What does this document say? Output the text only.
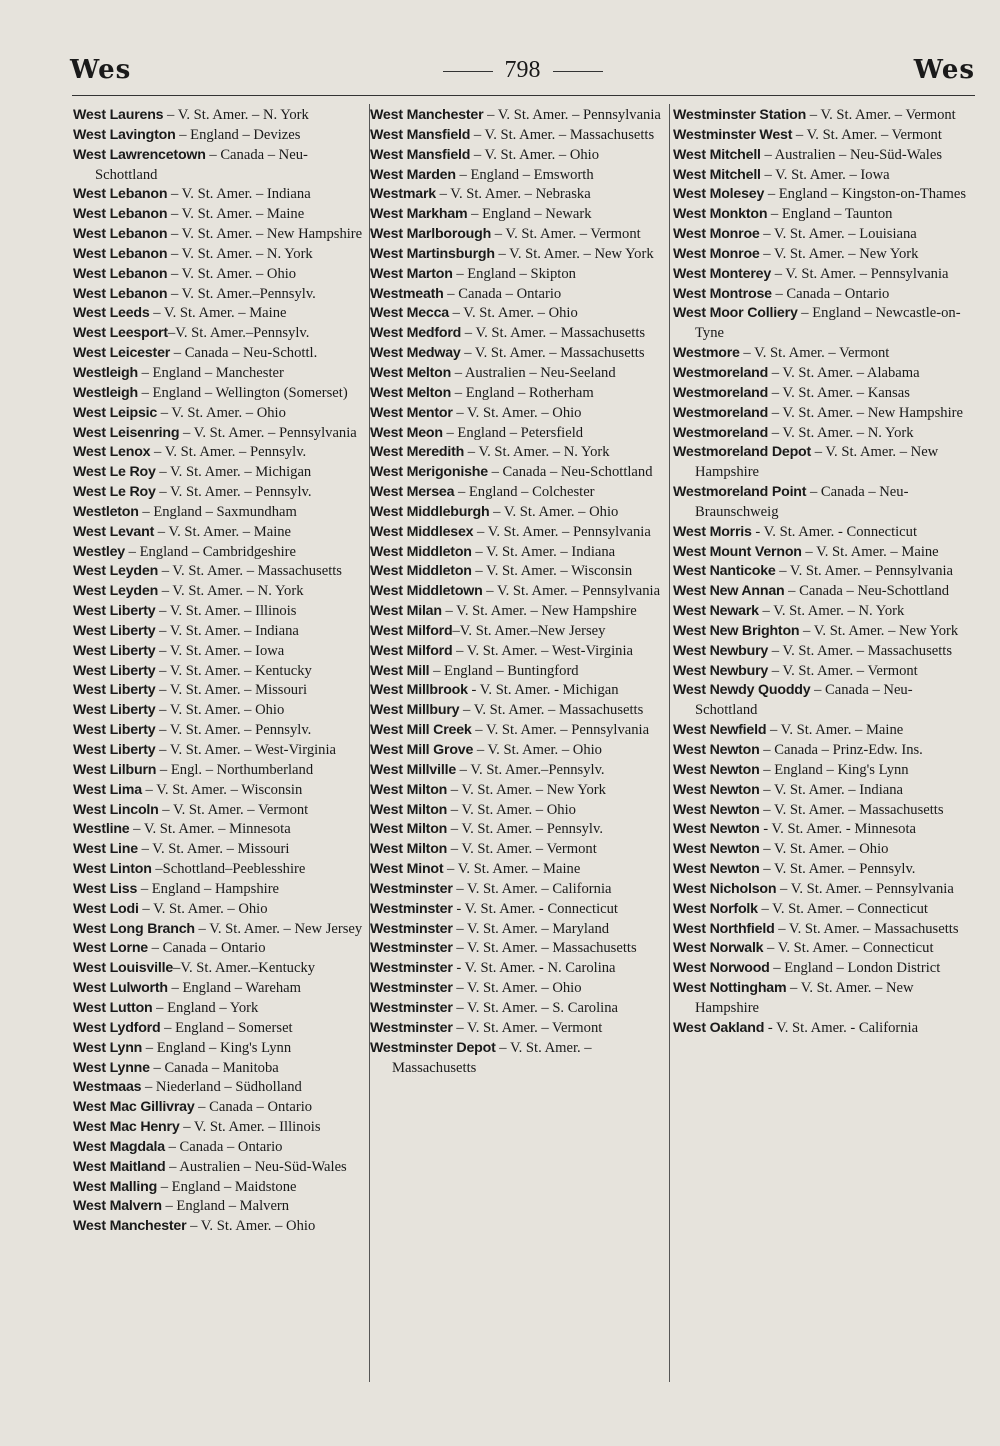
Wes	798	Wes

West Laurens – V. St. Amer. – N. York

West Lavington – England – Devizes

West Lawrencetown – Canada – Neu-Schottland

West Lebanon – V. St. Amer. – Indiana

West Lebanon – V. St. Amer. – Maine

West Lebanon – V. St. Amer. – New Hampshire

West Lebanon – V. St. Amer. – N. York

West Lebanon – V. St. Amer. – Ohio

West Lebanon – V. St. Amer.–Pennsylv.

West Leeds – V. St. Amer. – Maine

West Leesport–V. St. Amer.–Pennsylv.

West Leicester – Canada – Neu-Schottl.

Westleigh – England – Manchester

Westleigh – England – Wellington (Somerset)

West Leipsic – V. St. Amer. – Ohio

West Leisenring – V. St. Amer. – Pennsylvania

West Lenox – V. St. Amer. – Pennsylv.

West Le Roy – V. St. Amer. – Michigan

West Le Roy – V. St. Amer. – Pennsylv.

Westleton – England – Saxmundham

West Levant – V. St. Amer. – Maine

Westley – England – Cambridgeshire

West Leyden – V. St. Amer. – Massachusetts

West Leyden – V. St. Amer. – N. York

West Liberty – V. St. Amer. – Illinois

West Liberty – V. St. Amer. – Indiana

West Liberty – V. St. Amer. – Iowa

West Liberty – V. St. Amer. – Kentucky

West Liberty – V. St. Amer. – Missouri

West Liberty – V. St. Amer. – Ohio

West Liberty – V. St. Amer. – Pennsylv.

West Liberty – V. St. Amer. – West-Virginia

West Lilburn – Engl. – Northumberland

West Lima – V. St. Amer. – Wisconsin

West Lincoln – V. St. Amer. – Vermont

Westline – V. St. Amer. – Minnesota

West Line – V. St. Amer. – Missouri

West Linton –Schottland–Peeblesshire

West Liss – England – Hampshire

West Lodi – V. St. Amer. – Ohio

West Long Branch – V. St. Amer. – New Jersey

West Lorne – Canada – Ontario

West Louisville–V. St. Amer.–Kentucky

West Lulworth – England – Wareham

West Lutton – England – York

West Lydford – England – Somerset

West Lynn – England – King's Lynn

West Lynne – Canada – Manitoba

Westmaas – Niederland – Südholland

West Mac Gillivray – Canada – Ontario

West Mac Henry – V. St. Amer. – Illinois

West Magdala – Canada – Ontario

West Maitland – Australien – Neu-Süd-Wales

West Malling – England – Maidstone

West Malvern – England – Malvern

West Manchester – V. St. Amer. – Ohio

West Manchester – V. St. Amer. – Pennsylvania

West Mansfield – V. St. Amer. – Massachusetts

West Mansfield – V. St. Amer. – Ohio

West Marden – England – Emsworth

Westmark – V. St. Amer. – Nebraska

West Markham – England – Newark

West Marlborough – V. St. Amer. – Vermont

West Martinsburgh – V. St. Amer. – New York

West Marton – England – Skipton

Westmeath – Canada – Ontario

West Mecca – V. St. Amer. – Ohio

West Medford – V. St. Amer. – Massachusetts

West Medway – V. St. Amer. – Massachusetts

West Melton – Australien – Neu-Seeland

West Melton – England – Rotherham

West Mentor – V. St. Amer. – Ohio

West Meon – England – Petersfield

West Meredith – V. St. Amer. – N. York

West Merigonishe – Canada – Neu-Schottland

West Mersea – England – Colchester

West Middleburgh – V. St. Amer. – Ohio

West Middlesex – V. St. Amer. – Pennsylvania

West Middleton – V. St. Amer. – Indiana

West Middleton – V. St. Amer. – Wisconsin

West Middletown – V. St. Amer. – Pennsylvania

West Milan – V. St. Amer. – New Hampshire

West Milford–V. St. Amer.–New Jersey

West Milford – V. St. Amer. – West-Virginia

West Mill – England – Buntingford

West Millbrook - V. St. Amer. - Michigan

West Millbury – V. St. Amer. – Massachusetts

West Mill Creek – V. St. Amer. – Pennsylvania

West Mill Grove – V. St. Amer. – Ohio

West Millville – V. St. Amer.–Pennsylv.

West Milton – V. St. Amer. – New York

West Milton – V. St. Amer. – Ohio

West Milton – V. St. Amer. – Pennsylv.

West Milton – V. St. Amer. – Vermont

West Minot – V. St. Amer. – Maine

Westminster – V. St. Amer. – California

Westminster - V. St. Amer. - Connecticut

Westminster – V. St. Amer. – Maryland

Westminster – V. St. Amer. – Massachusetts

Westminster - V. St. Amer. - N. Carolina

Westminster – V. St. Amer. – Ohio

Westminster – V. St. Amer. – S. Carolina

Westminster – V. St. Amer. – Vermont

Westminster Depot – V. St. Amer. – Massachusetts

Westminster Station – V. St. Amer. – Vermont

Westminster West – V. St. Amer. – Vermont

West Mitchell – Australien – Neu-Süd-Wales

West Mitchell – V. St. Amer. – Iowa

West Molesey – England – Kingston-on-Thames

West Monkton – England – Taunton

West Monroe – V. St. Amer. – Louisiana

West Monroe – V. St. Amer. – New York

West Monterey – V. St. Amer. – Pennsylvania

West Montrose – Canada – Ontario

West Moor Colliery – England – Newcastle-on-Tyne

Westmore – V. St. Amer. – Vermont

Westmoreland – V. St. Amer. – Alabama

Westmoreland – V. St. Amer. – Kansas

Westmoreland – V. St. Amer. – New Hampshire

Westmoreland – V. St. Amer. – N. York

Westmoreland Depot – V. St. Amer. – New Hampshire

Westmoreland Point – Canada – Neu-Braunschweig

West Morris - V. St. Amer. - Connecticut

West Mount Vernon – V. St. Amer. – Maine

West Nanticoke – V. St. Amer. – Pennsylvania

West New Annan – Canada – Neu-Schottland

West Newark – V. St. Amer. – N. York

West New Brighton – V. St. Amer. – New York

West Newbury – V. St. Amer. – Massachusetts

West Newbury – V. St. Amer. – Vermont

West Newdy Quoddy – Canada – Neu-Schottland

West Newfield – V. St. Amer. – Maine

West Newton – Canada – Prinz-Edw. Ins.

West Newton – England – King's Lynn

West Newton – V. St. Amer. – Indiana

West Newton – V. St. Amer. – Massachusetts

West Newton - V. St. Amer. - Minnesota

West Newton – V. St. Amer. – Ohio

West Newton – V. St. Amer. – Pennsylv.

West Nicholson – V. St. Amer. – Pennsylvania

West Norfolk – V. St. Amer. – Connecticut

West Northfield – V. St. Amer. – Massachusetts

West Norwalk – V. St. Amer. – Connecticut

West Norwood – England – London District

West Nottingham – V. St. Amer. – New Hampshire

West Oakland - V. St. Amer. - California
